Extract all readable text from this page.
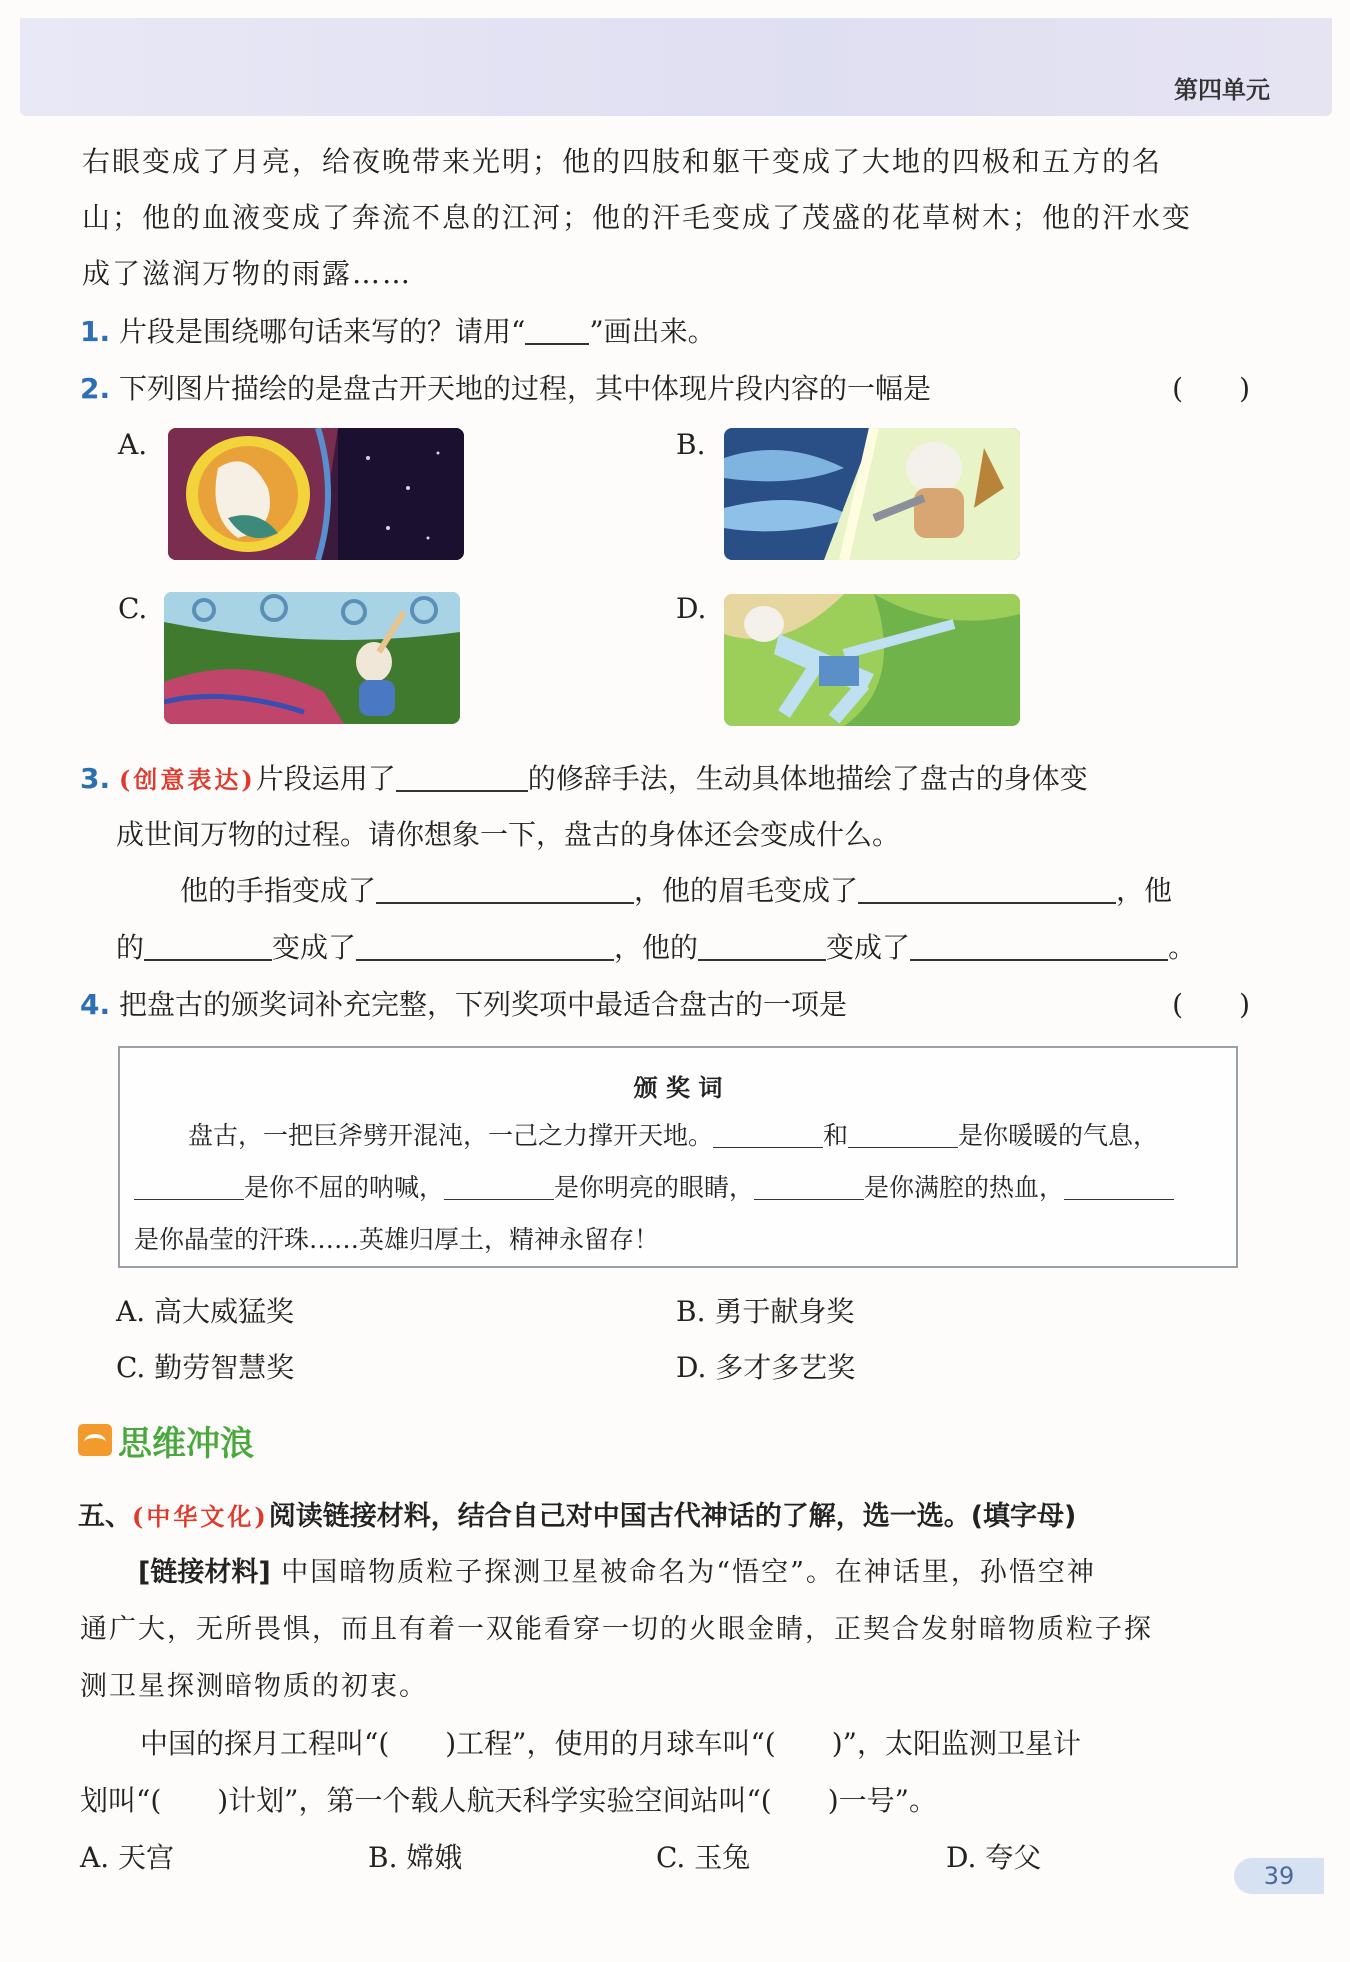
第四单元
右眼变成了月亮，给夜晚带来光明；他的四肢和躯干变成了大地的四极和五方的名
山；他的血液变成了奔流不息的江河；他的汗毛变成了茂盛的花草树木；他的汗水变
成了滋润万物的雨露……
1. 片段是围绕哪句话来写的？请用“ ”画出来。
2. 下列图片描绘的是盘古开天地的过程，其中体现片段内容的一幅是	(　　)
A.	B.
C.	D.
3. (创意表达)片段运用了	的修辞手法，生动具体地描绘了盘古的身体变
成世间万物的过程。请你想象一下，盘古的身体还会变成什么。
他的手指变成了	，他的眉毛变成了	，他
的	变成了	，他的	变成了	。
4. 把盘古的颁奖词补充完整，下列奖项中最适合盘古的一项是	(　　)
颁 奖 词
盘古，一把巨斧劈开混沌，一己之力撑开天地。	和	是你暖暖的气息，
是你不屈的呐喊，	是你明亮的眼睛，	是你满腔的热血，
是你晶莹的汗珠……英雄归厚土，精神永留存！
A. 高大威猛奖	B. 勇于献身奖
C. 勤劳智慧奖	D. 多才多艺奖
思维冲浪
五、(中华文化)阅读链接材料，结合自己对中国古代神话的了解，选一选。(填字母)
[链接材料] 中国暗物质粒子探测卫星被命名为“悟空”。在神话里，孙悟空神
通广大，无所畏惧，而且有着一双能看穿一切的火眼金睛，正契合发射暗物质粒子探
测卫星探测暗物质的初衷。
中国的探月工程叫“(　　)工程”，使用的月球车叫“(　　)”，太阳监测卫星计
划叫“(　　)计划”，第一个载人航天科学实验空间站叫“(　　)一号”。
A. 天宫	B. 嫦娥	C. 玉兔	D. 夸父
39
